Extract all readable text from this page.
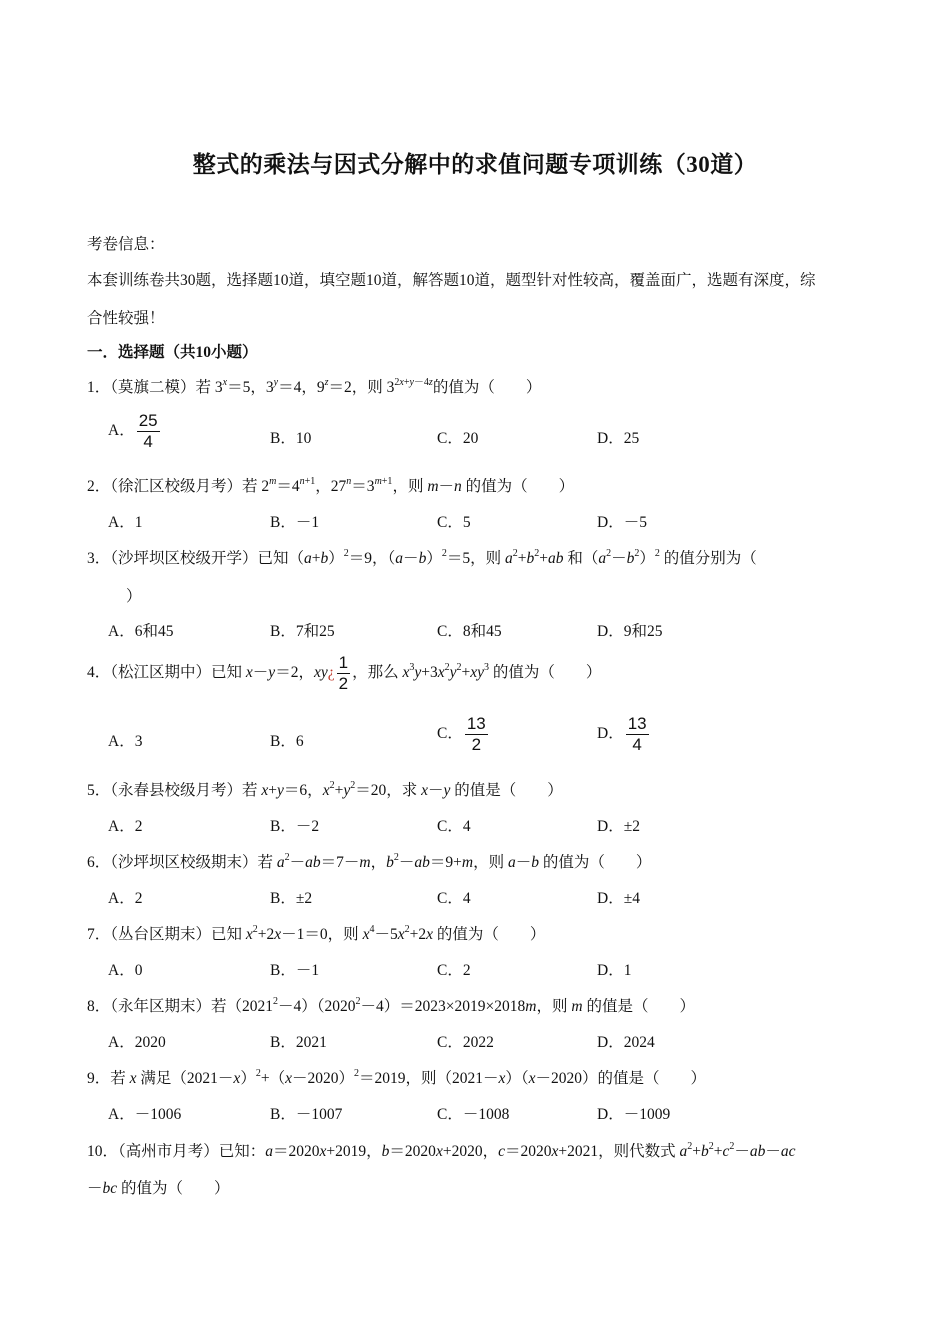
整式的乘法与因式分解中的求值问题专项训练（30道）
考卷信息：
本套训练卷共30题，选择题10道，填空题10道，解答题10道，题型针对性较高，覆盖面广，选题有深度，综
合性较强！
一．选择题（共10小题）
1．（莫旗二模）若 $3^x=5$，$3^y=4$，$9^z=2$，则 $3^{2x+y-4z}$的值为（　　）
A． $\frac{25}{4}$	B．10	C．20	D．25
2．（徐汇区校级月考）若 $2^m=4^{n+1}$，$27^n=3^{m+1}$，则 m－n 的值为（　　）
A．1	B．－1	C．5	D．－5
3．（沙坪坝区校级开学）已知$(a+b)^2=9$，$(a-b)^2=5$，则 $a^2+b^2+ab$ 和$(a^2-b^2)^2$ 的值分别为（
）
A．6和45	B．7和25	C．8和45	D．9和25
4．（松江区期中）已知 x－y＝2，xy¿ $\frac{1}{2}$ ，那么 $x^3y+3x^2y^2+xy^3$ 的值为（　　）
A．3	B．6	C． $\frac{13}{2}$	D． $\frac{13}{4}$
5．（永春县校级月考）若 x+y＝6，$x^2+y^2=20$，求 x－y 的值是（　　）
A．2	B．－2	C．4	D．±2
6．（沙坪坝区校级期末）若 $a^2-ab=7-m$，$b^2-ab=9+m$，则 a－b 的值为（　　）
A．2	B．±2	C．4	D．±4
7．（丛台区期末）已知 $x^2+2x-1=0$，则 $x^4-5x^2+2x$ 的值为（　　）
A．0	B．－1	C．2	D．1
8．（永年区期末）若$(2021^2-4)(2020^2-4)=2023\times 2019\times 2018m$，则 m 的值是（　　）
A．2020	B．2021	C．2022	D．2024
9．若 x 满足$(2021-x)^2+(x-2020)^2=2019$，则（2021－x）（x－2020）的值是（　　）
A．－1006	B．－1007	C．－1008	D．－1009
10．（高州市月考）已知：a＝2020x+2019，b＝2020x+2020，c＝2020x+2021，则代数式 $a^2+b^2+c^2-ab-ac$
－bc 的值为（　　）
